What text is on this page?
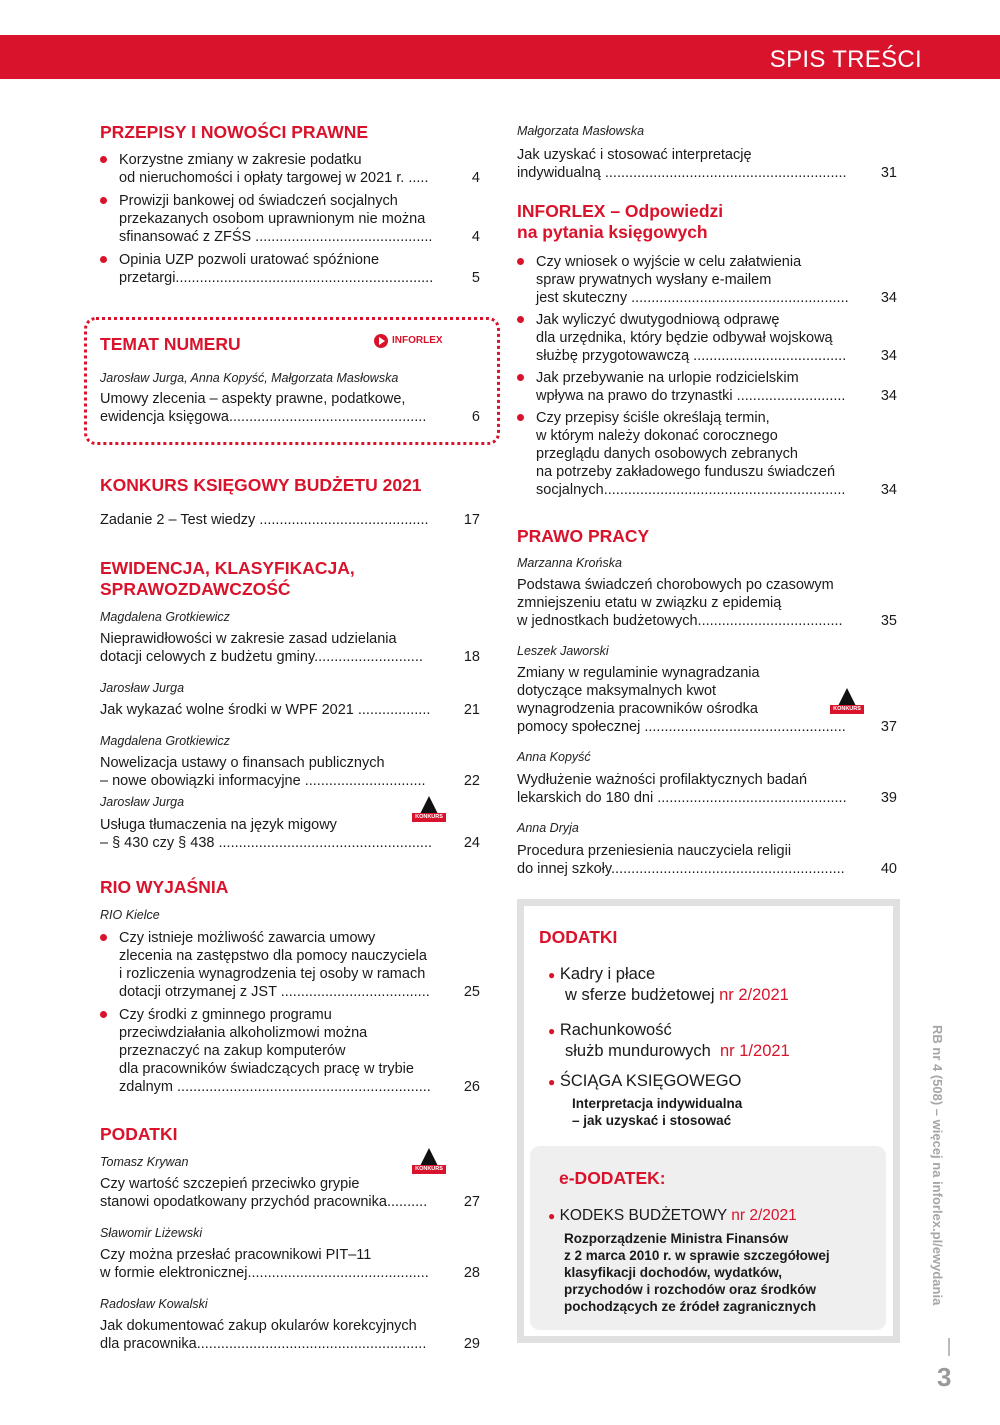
SPIS TREŚCI
PRZEPISY I NOWOŚCI PRAWNE
Korzystne zmiany w zakresie podatku
od nieruchomości i opłaty targowej w 2021 r. .....	4
Prowizji bankowej od świadczeń socjalnych
przekazanych osobom uprawnionym nie można
sfinansować z ZFŚS ............................................	4
Opinia UZP pozwoli uratować spóźnione
przetargi................................................................	5
TEMAT NUMERU	INFORLEX
Jarosław Jurga, Anna Kopyść, Małgorzata Masłowska
Umowy zlecenia – aspekty prawne, podatkowe,
ewidencja księgowa.................................................	6
KONKURS KSIĘGOWY BUDŻETU 2021
Zadanie 2 – Test wiedzy ..........................................	17
EWIDENCJA, KLASYFIKACJA,
SPRAWOZDAWCZOŚĆ
Magdalena Grotkiewicz
Nieprawidłowości w zakresie zasad udzielania
dotacji celowych z budżetu gminy...........................	18
Jarosław Jurga
Jak wykazać wolne środki w WPF 2021 ..................	21
Magdalena Grotkiewicz
Nowelizacja ustawy o finansach publicznych
– nowe obowiązki informacyjne ..............................	22
Jarosław Jurga
Usługa tłumaczenia na język migowy
– § 430 czy § 438 .....................................................	24
KONKURS
RIO WYJAŚNIA
RIO Kielce
Czy istnieje możliwość zawarcia umowy
zlecenia na zastępstwo dla pomocy nauczyciela
i rozliczenia wynagrodzenia tej osoby w ramach
dotacji otrzymanej z JST .....................................	25
Czy środki z gminnego programu
przeciwdziałania alkoholizmowi można
przeznaczyć na zakup komputerów
dla pracowników świadczących pracę w trybie
zdalnym ...............................................................	26
PODATKI
Tomasz Krywan
Czy wartość szczepień przeciwko grypie
stanowi opodatkowany przychód pracownika..........	27
Sławomir Liżewski
Czy można przesłać pracownikowi PIT–11
w formie elektronicznej.............................................	28
Radosław Kowalski
Jak dokumentować zakup okularów korekcyjnych
dla pracownika.........................................................	29
KONKURS
Małgorzata Masłowska
Jak uzyskać i stosować interpretację
indywidualną ............................................................	31
INFORLEX – Odpowiedzi
na pytania księgowych
Czy wniosek o wyjście w celu załatwienia
spraw prywatnych wysłany e-mailem
jest skuteczny ......................................................	34
Jak wyliczyć dwutygodniową odprawę
dla urzędnika, który będzie odbywał wojskową
służbę przygotowawczą ......................................	34
Jak przebywanie na urlopie rodzicielskim
wpływa na prawo do trzynastki ...........................	34
Czy przepisy ściśle określają termin,
w którym należy dokonać corocznego
przeglądu danych osobowych zebranych
na potrzeby zakładowego funduszu świadczeń
socjalnych............................................................	34
PRAWO PRACY
Marzanna Krońska
Podstawa świadczeń chorobowych po czasowym
zmniejszeniu etatu w związku z epidemią
w jednostkach budżetowych....................................	35
Leszek Jaworski
Zmiany w regulaminie wynagradzania
dotyczące maksymalnych kwot
wynagrodzenia pracowników ośrodka
pomocy społecznej ..................................................	37
Anna Kopyść
Wydłużenie ważności profilaktycznych badań
lekarskich do 180 dni ...............................................	39
Anna Dryja
Procedura przeniesienia nauczyciela religii
do innej szkoły..........................................................	40
KONKURS
DODATKI
● Kadry i płace
w sferze budżetowej nr 2/2021
● Rachunkowość
służb mundurowych nr 1/2021
● ŚCIĄGA KSIĘGOWEGO
Interpretacja indywidualna
– jak uzyskać i stosować
e-DODATEK:
● KODEKS BUDŻETOWY nr 2/2021
Rozporządzenie Ministra Finansów
z 2 marca 2010 r. w sprawie szczegółowej
klasyfikacji dochodów, wydatków,
przychodów i rozchodów oraz środków
pochodzących ze źródeł zagranicznych
RB nr 4 (508) – więcej na inforlex.pl/ewydania
3
